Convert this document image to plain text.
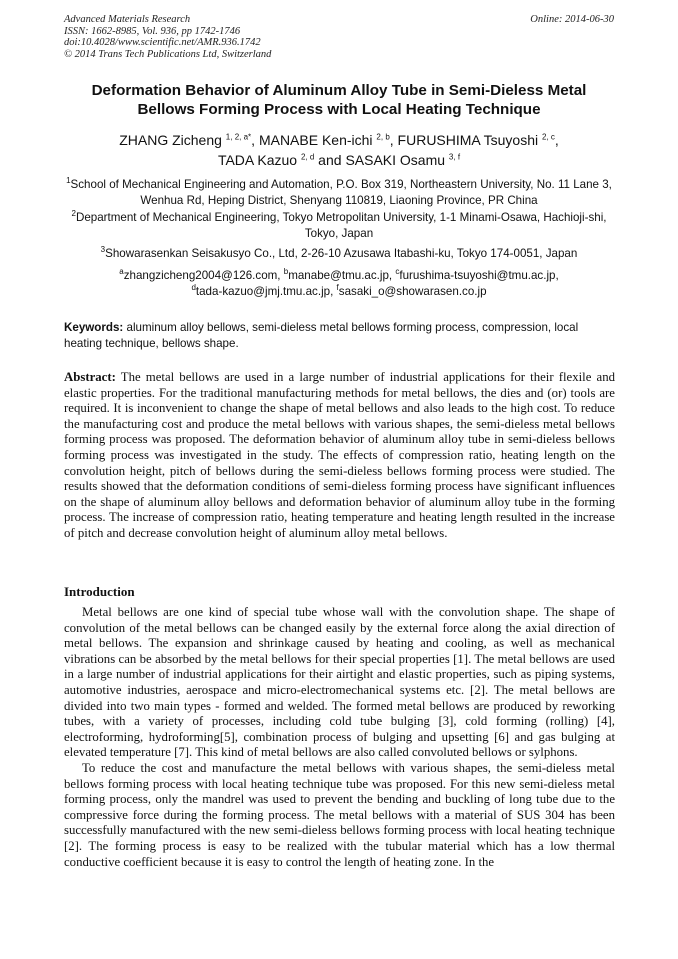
Advanced Materials Research
ISSN: 1662-8985, Vol. 936, pp 1742-1746
doi:10.4028/www.scientific.net/AMR.936.1742
© 2014 Trans Tech Publications Ltd, Switzerland
Online: 2014-06-30
Deformation Behavior of Aluminum Alloy Tube in Semi-Dieless Metal Bellows Forming Process with Local Heating Technique
ZHANG Zicheng $^{1, 2, a*}$, MANABE Ken-ichi $^{2, b}$, FURUSHIMA Tsuyoshi $^{2, c}$,
TADA Kazuo $^{2, d}$ and SASAKI Osamu $^{3, f}$
$^1$School of Mechanical Engineering and Automation, P.O. Box 319, Northeastern University, No. 11 Lane 3, Wenhua Rd, Heping District, Shenyang 110819, Liaoning Province, PR China
$^2$Department of Mechanical Engineering, Tokyo Metropolitan University, 1-1 Minami-Osawa, Hachioji-shi, Tokyo, Japan
$^3$Showarasenkan Seisakusyo Co., Ltd, 2-26-10 Azusawa Itabashi-ku, Tokyo 174-0051, Japan
$^a$zhangzicheng2004@126.com, $^b$manabe@tmu.ac.jp, $^c$furushima-tsuyoshi@tmu.ac.jp,
$^d$tada-kazuo@jmj.tmu.ac.jp, $^f$sasaki_o@showarasen.co.jp
Keywords: aluminum alloy bellows, semi-dieless metal bellows forming process, compression, local heating technique, bellows shape.
Abstract: The metal bellows are used in a large number of industrial applications for their flexile and elastic properties. For the traditional manufacturing methods for metal bellows, the dies and (or) tools are required. It is inconvenient to change the shape of metal bellows and also leads to the high cost. To reduce the manufacturing cost and produce the metal bellows with various shapes, the semi-dieless metal bellows forming process was proposed. The deformation behavior of aluminum alloy tube in semi-dieless bellows forming process was investigated in the study. The effects of compression ratio, heating length on the convolution height, pitch of bellows during the semi-dieless bellows forming process were studied. The results showed that the deformation conditions of semi-dieless forming process have significant influences on the shape of aluminum alloy bellows and deformation behavior of aluminum alloy tube in the forming process. The increase of compression ratio, heating temperature and heating length resulted in the increase of pitch and decrease convolution height of aluminum alloy metal bellows.
Introduction

Metal bellows are one kind of special tube whose wall with the convolution shape. The shape of convolution of the metal bellows can be changed easily by the external force along the axial direction of metal bellows. The expansion and shrinkage caused by heating and cooling, as well as mechanical vibrations can be absorbed by the metal bellows for their special properties [1]. The metal bellows are used in a large number of industrial applications for their airtight and elastic properties, such as piping systems, automotive industries, aerospace and micro-electromechanical systems etc. [2]. The metal bellows are divided into two main types - formed and welded. The formed metal bellows are produced by reworking tubes, with a variety of processes, including cold tube bulging [3], cold forming (rolling) [4], electroforming, hydroforming[5], combination process of bulging and upsetting [6] and gas bulging at elevated temperature [7]. This kind of metal bellows are also called convoluted bellows or sylphons.

To reduce the cost and manufacture the metal bellows with various shapes, the semi-dieless metal bellows forming process with local heating technique tube was proposed. For this new semi-dieless metal forming process, only the mandrel was used to prevent the bending and buckling of long tube due to the compressive force during the forming process. The metal bellows with a material of SUS 304 has been successfully manufactured with the new semi-dieless bellows forming process with local heating technique [2]. The forming process is easy to be realized with the tubular material which has a low thermal conductive coefficient because it is easy to control the length of heating zone. In the
